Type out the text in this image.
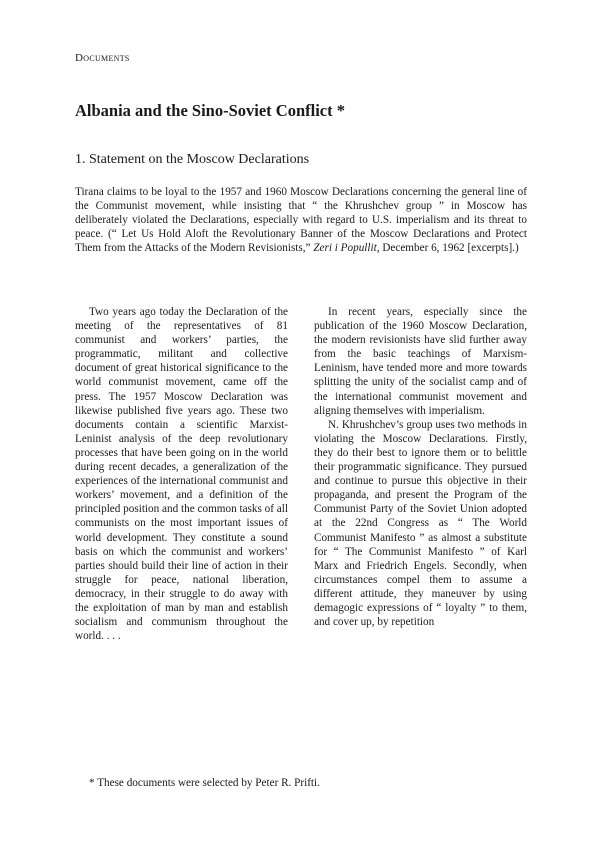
Documents
Albania and the Sino-Soviet Conflict *
1. Statement on the Moscow Declarations
Tirana claims to be loyal to the 1957 and 1960 Moscow Declarations concerning the general line of the Communist movement, while insisting that “ the Khrushchev group ” in Moscow has deliberately violated the Declarations, especially with regard to U.S. imperialism and its threat to peace. (“ Let Us Hold Aloft the Revolutionary Banner of the Moscow Declarations and Protect Them from the Attacks of the Modern Revisionists,” Zeri i Popullit, December 6, 1962 [excerpts].)

Two years ago today the Declaration of the meeting of the representatives of 81 communist and workers’ parties, the programmatic, militant and collective document of great historical significance to the world communist movement, came off the press. The 1957 Moscow Declaration was likewise published five years ago. These two documents contain a scientific Marxist-Leninist analysis of the deep revolutionary processes that have been going on in the world during recent decades, a generalization of the experiences of the international communist and workers’ movement, and a definition of the principled position and the common tasks of all communists on the most important issues of world development. They constitute a sound basis on which the communist and workers’ parties should build their line of action in their struggle for peace, national liberation, democracy, in their struggle to do away with the exploitation of man by man and establish socialism and communism throughout the world. . . .

In recent years, especially since the publication of the 1960 Moscow Declaration, the modern revisionists have slid further away from the basic teachings of Marxism-Leninism, have tended more and more towards splitting the unity of the socialist camp and of the international communist movement and aligning themselves with imperialism.

N. Khrushchev’s group uses two methods in violating the Moscow Declarations. Firstly, they do their best to ignore them or to belittle their programmatic significance. They pursued and continue to pursue this objective in their propaganda, and present the Program of the Communist Party of the Soviet Union adopted at the 22nd Congress as “ The World Communist Manifesto ” as almost a substitute for “ The Communist Manifesto ” of Karl Marx and Friedrich Engels. Secondly, when circumstances compel them to assume a different attitude, they maneuver by using demagogic expressions of “ loyalty ” to them, and cover up, by repetition

* These documents were selected by Peter R. Prifti.
